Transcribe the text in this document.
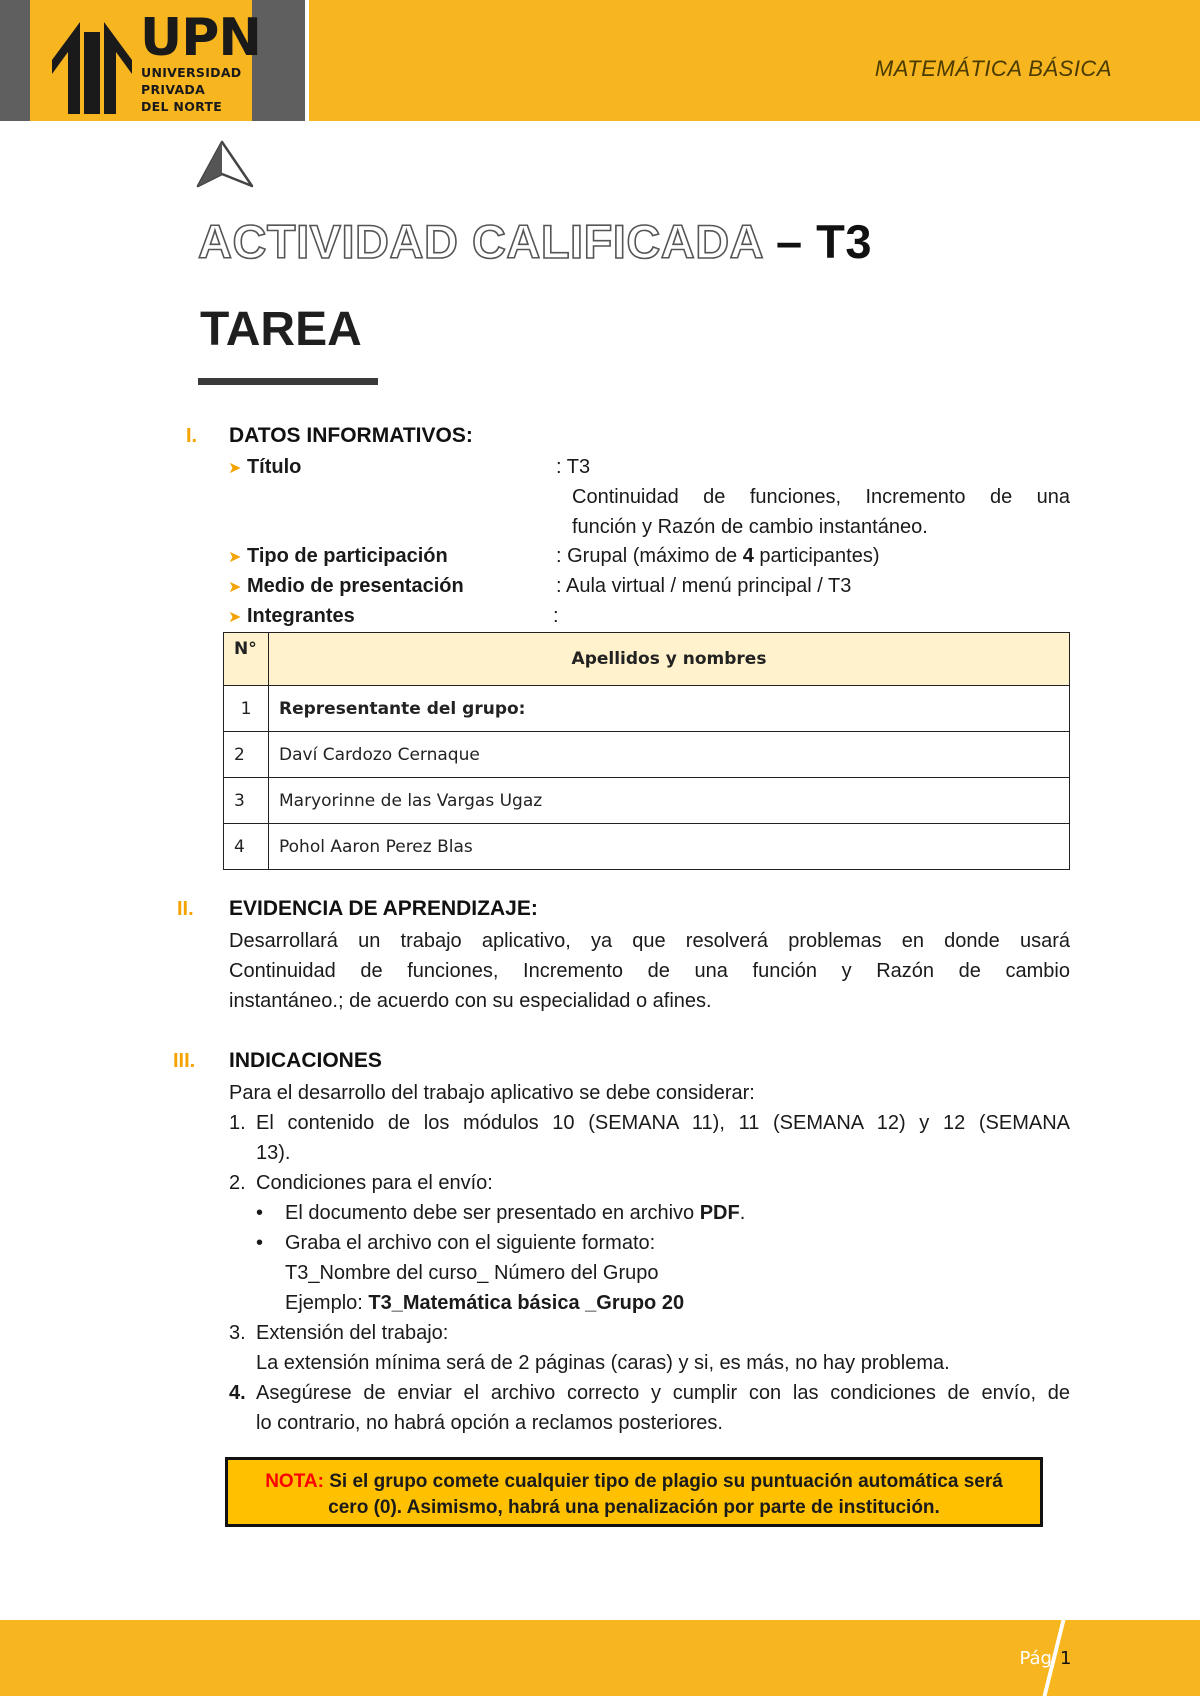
UPN
UNIVERSIDAD
PRIVADA
DEL NORTE
MATEMÁTICA BÁSICA
ACTIVIDAD CALIFICADA – T3
TAREA
I. DATOS INFORMATIVOS:
➤ Título	: T3
Continuidad de funciones, Incremento de una
función y Razón de cambio instantáneo.
➤ Tipo de participación	: Grupal (máximo de 4 participantes)
➤ Medio de presentación	: Aula virtual / menú principal / T3
➤ Integrantes	:
N°	Apellidos y nombres
1	Representante del grupo:
2	Daví Cardozo Cernaque
3	Maryorinne de las Vargas Ugaz
4	Pohol Aaron Perez Blas
II. EVIDENCIA DE APRENDIZAJE:
Desarrollará un trabajo aplicativo, ya que resolverá problemas en donde usará
Continuidad de funciones, Incremento de una función y Razón de cambio
instantáneo.; de acuerdo con su especialidad o afines.
III. INDICACIONES
Para el desarrollo del trabajo aplicativo se debe considerar:
1. El contenido de los módulos 10 (SEMANA 11), 11 (SEMANA 12) y 12 (SEMANA
13).
2. Condiciones para el envío:
• El documento debe ser presentado en archivo PDF.
• Graba el archivo con el siguiente formato:
T3_Nombre del curso_ Número del Grupo
Ejemplo: T3_Matemática básica _Grupo 20
3. Extensión del trabajo:
La extensión mínima será de 2 páginas (caras) y si, es más, no hay problema.
4. Asegúrese de enviar el archivo correcto y cumplir con las condiciones de envío, de
lo contrario, no habrá opción a reclamos posteriores.
NOTA: Si el grupo comete cualquier tipo de plagio su puntuación automática será
cero (0). Asimismo, habrá una penalización por parte de institución.
Pág 1
